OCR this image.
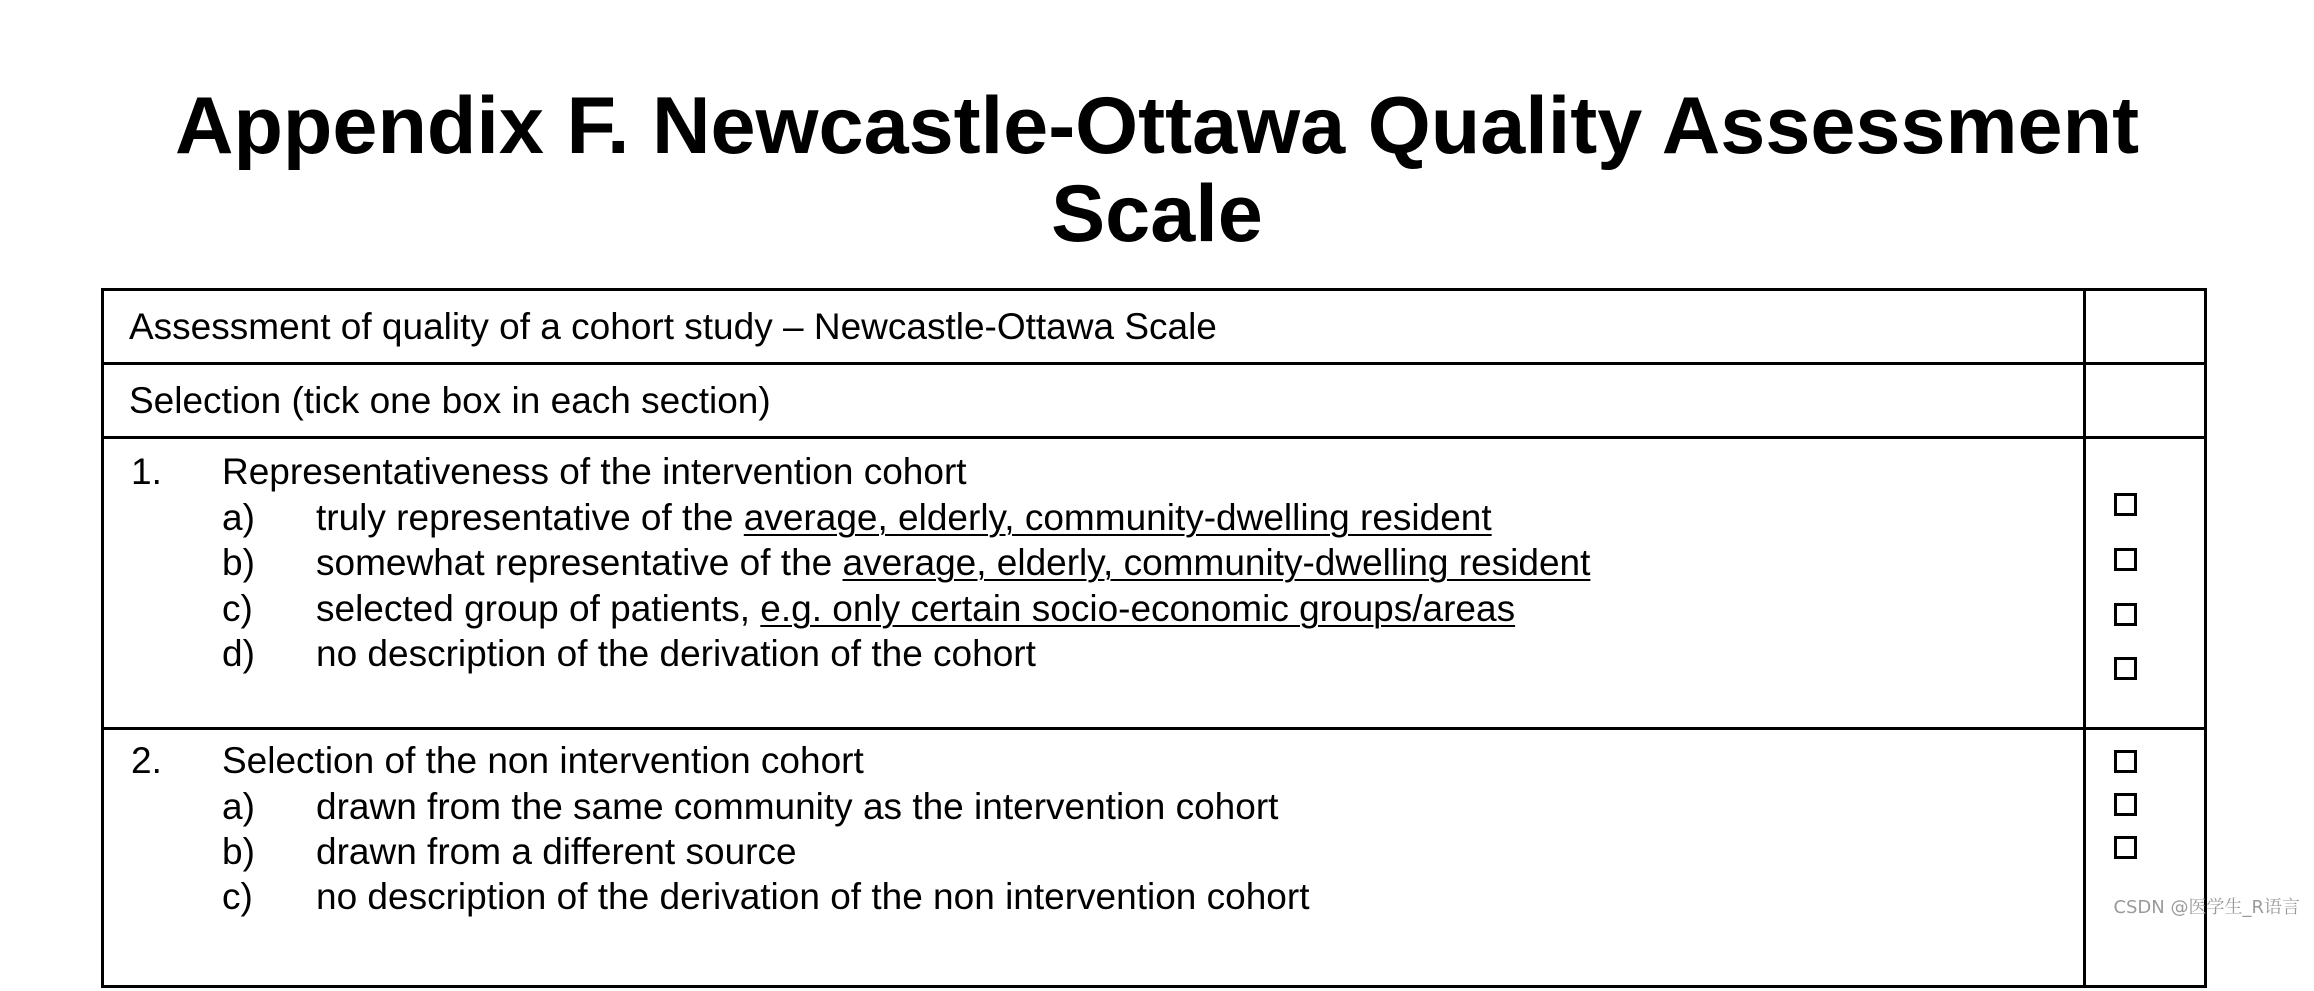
Appendix F. Newcastle-Ottawa Quality Assessment
Scale
Assessment of quality of a cohort study – Newcastle-Ottawa Scale
Selection (tick one box in each section)
1. Representativeness of the intervention cohort
a) truly representative of the average, elderly, community-dwelling resident
b) somewhat representative of the average, elderly, community-dwelling resident
c) selected group of patients, e.g. only certain socio-economic groups/areas
d) no description of the derivation of the cohort
2. Selection of the non intervention cohort
a) drawn from the same community as the intervention cohort
b) drawn from a different source
c) no description of the derivation of the non intervention cohort	CSDN @医学生_R语言
